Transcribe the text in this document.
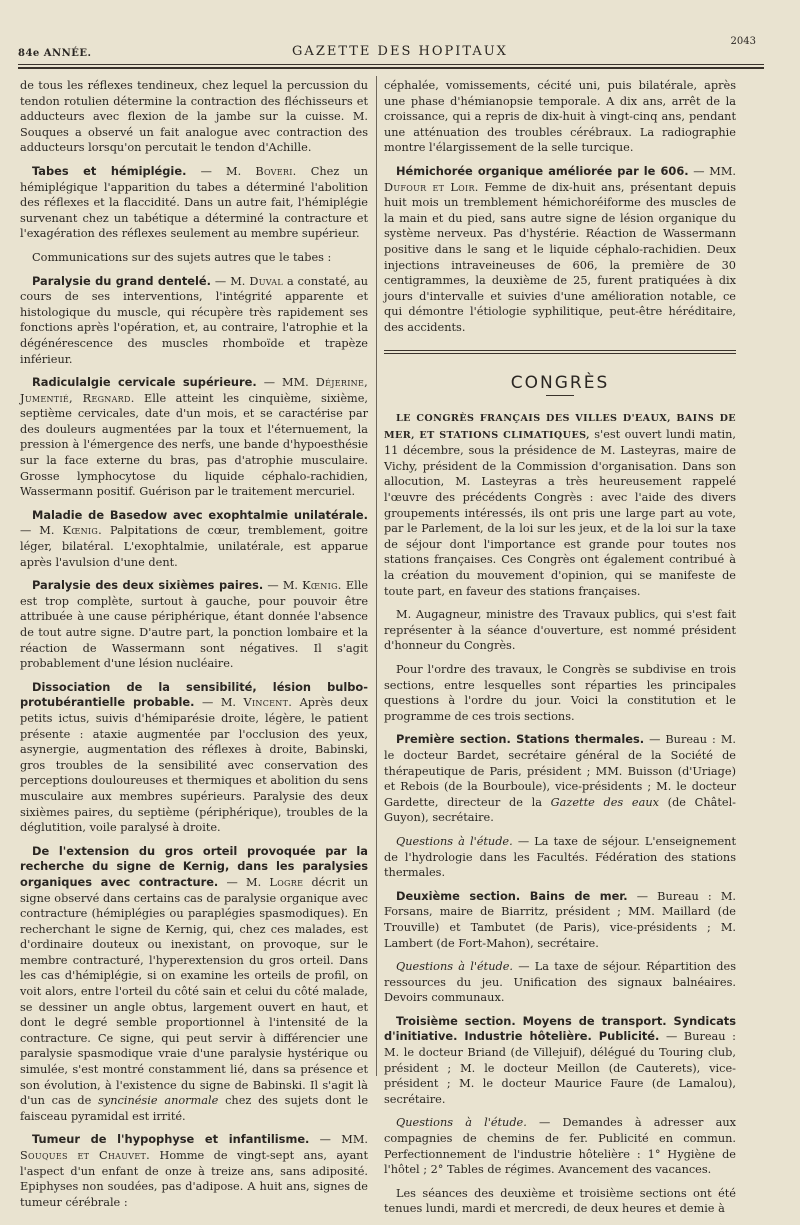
84e ANNÉE.	GAZETTE DES HOPITAUX
2043

de tous les réflexes tendineux, chez lequel la percussion du tendon rotulien détermine la contraction des fléchisseurs et adducteurs avec flexion de la jambe sur la cuisse. M. Souques a observé un fait analogue avec contraction des adducteurs lorsqu'on percutait le tendon d'Achille.

Tabes et hémiplégie. — M. Boveri. Chez un hémiplégique l'apparition du tabes a déterminé l'abolition des réflexes et la flaccidité. Dans un autre fait, l'hémiplégie survenant chez un tabétique a déterminé la contracture et l'exagération des réflexes seulement au membre supérieur.

Communications sur des sujets autres que le tabes :

Paralysie du grand dentelé. — M. Duval a constaté, au cours de ses interventions, l'intégrité apparente et histologique du muscle, qui récupère très rapidement ses fonctions après l'opération, et, au contraire, l'atrophie et la dégénérescence des muscles rhomboïde et trapèze inférieur.

Radiculalgie cervicale supérieure. — MM. Déjerine, Jumentié, Regnard. Elle atteint les cinquième, sixième, septième cervicales, date d'un mois, et se caractérise par des douleurs augmentées par la toux et l'éternuement, la pression à l'émergence des nerfs, une bande d'hypoesthésie sur la face externe du bras, pas d'atrophie musculaire. Grosse lymphocytose du liquide céphalo-rachidien, Wassermann positif. Guérison par le traitement mercuriel.

Maladie de Basedow avec exophtalmie unilatérale. — M. Kœnig. Palpitations de cœur, tremblement, goitre léger, bilatéral. L'exophtalmie, unilatérale, est apparue après l'avulsion d'une dent.

Paralysie des deux sixièmes paires. — M. Kœnig. Elle est trop complète, surtout à gauche, pour pouvoir être attribuée à une cause périphérique, étant donnée l'absence de tout autre signe. D'autre part, la ponction lombaire et la réaction de Wassermann sont négatives. Il s'agit probablement d'une lésion nucléaire.

Dissociation de la sensibilité, lésion bulbo-protubérantielle probable. — M. Vincent. Après deux petits ictus, suivis d'hémiparésie droite, légère, le patient présente : ataxie augmentée par l'occlusion des yeux, asynergie, augmentation des réflexes à droite, Babinski, gros troubles de la sensibilité avec conservation des perceptions douloureuses et thermiques et abolition du sens musculaire aux membres supérieurs. Paralysie des deux sixièmes paires, du septième (périphérique), troubles de la déglutition, voile paralysé à droite.

De l'extension du gros orteil provoquée par la recherche du signe de Kernig, dans les paralysies organiques avec contracture. — M. Logre décrit un signe observé dans certains cas de paralysie organique avec contracture (hémiplégies ou paraplégies spasmodiques). En recherchant le signe de Kernig, qui, chez ces malades, est d'ordinaire douteux ou inexistant, on provoque, sur le membre contracturé, l'hyperextension du gros orteil. Dans les cas d'hémiplégie, si on examine les orteils de profil, on voit alors, entre l'orteil du côté sain et celui du côté malade, se dessiner un angle obtus, largement ouvert en haut, et dont le degré semble proportionnel à l'intensité de la contracture. Ce signe, qui peut servir à différencier une paralysie spasmodique vraie d'une paralysie hystérique ou simulée, s'est montré constamment lié, dans sa présence et son évolution, à l'existence du signe de Babinski. Il s'agit là d'un cas de syncinésie anormale chez des sujets dont le faisceau pyramidal est irrité.

Tumeur de l'hypophyse et infantilisme. — MM. Souques et Chauvet. Homme de vingt-sept ans, ayant l'aspect d'un enfant de onze à treize ans, sans adiposité. Epiphyses non soudées, pas d'adipose. A huit ans, signes de tumeur cérébrale :

céphalée, vomissements, cécité uni, puis bilatérale, après une phase d'hémianopsie temporale. A dix ans, arrêt de la croissance, qui a repris de dix-huit à vingt-cinq ans, pendant une atténuation des troubles cérébraux. La radiographie montre l'élargissement de la selle turcique.

Hémichorée organique améliorée par le 606. — MM. Dufour et Loir. Femme de dix-huit ans, présentant depuis huit mois un tremblement hémichoréiforme des muscles de la main et du pied, sans autre signe de lésion organique du système nerveux. Pas d'hystérie. Réaction de Wassermann positive dans le sang et le liquide céphalo-rachidien. Deux injections intraveineuses de 606, la première de 30 centigrammes, la deuxième de 25, furent pratiquées à dix jours d'intervalle et suivies d'une amélioration notable, ce qui démontre l'étiologie syphilitique, peut-être héréditaire, des accidents.

CONGRÈS

LE CONGRÈS FRANÇAIS DES VILLES D'EAUX, BAINS DE MER, ET STATIONS CLIMATIQUES, s'est ouvert lundi matin, 11 décembre, sous la présidence de M. Lasteyras, maire de Vichy, président de la Commission d'organisation. Dans son allocution, M. Lasteyras a très heureusement rappelé l'œuvre des précédents Congrès : avec l'aide des divers groupements intéressés, ils ont pris une large part au vote, par le Parlement, de la loi sur les jeux, et de la loi sur la taxe de séjour dont l'importance est grande pour toutes nos stations françaises. Ces Congrès ont également contribué à la création du mouvement d'opinion, qui se manifeste de toute part, en faveur des stations françaises.

M. Augagneur, ministre des Travaux publics, qui s'est fait représenter à la séance d'ouverture, est nommé président d'honneur du Congrès.

Pour l'ordre des travaux, le Congrès se subdivise en trois sections, entre lesquelles sont réparties les principales questions à l'ordre du jour. Voici la constitution et le programme de ces trois sections.

Première section. Stations thermales. — Bureau : M. le docteur Bardet, secrétaire général de la Société de thérapeutique de Paris, président ; MM. Buisson (d'Uriage) et Rebois (de la Bourboule), vice-présidents ; M. le docteur Gardette, directeur de la Gazette des eaux (de Châtel-Guyon), secrétaire.

Questions à l'étude. — La taxe de séjour. L'enseignement de l'hydrologie dans les Facultés. Fédération des stations thermales.

Deuxième section. Bains de mer. — Bureau : M. Forsans, maire de Biarritz, président ; MM. Maillard (de Trouville) et Tambutet (de Paris), vice-présidents ; M. Lambert (de Fort-Mahon), secrétaire.

Questions à l'étude. — La taxe de séjour. Répartition des ressources du jeu. Unification des signaux balnéaires. Devoirs communaux.

Troisième section. Moyens de transport. Syndicats d'initiative. Industrie hôtelière. Publicité. — Bureau : M. le docteur Briand (de Villejuif), délégué du Touring club, président ; M. le docteur Meillon (de Cauterets), vice-président ; M. le docteur Maurice Faure (de Lamalou), secrétaire.

Questions à l'étude. — Demandes à adresser aux compagnies de chemins de fer. Publicité en commun. Perfectionnement de l'industrie hôtelière : 1° Hygiène de l'hôtel ; 2° Tables de régimes. Avancement des vacances.

Les séances des deuxième et troisième sections ont été tenues lundi, mardi et mercredi, de deux heures et demie à
